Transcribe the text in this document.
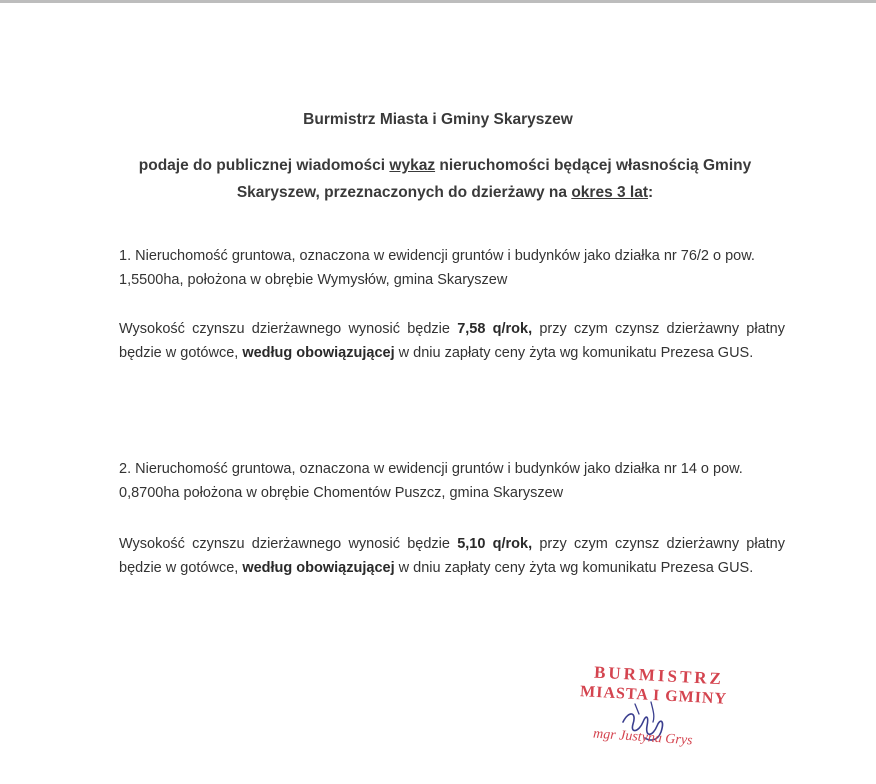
Burmistrz Miasta i Gminy Skaryszew
podaje do publicznej wiadomości wykaz nieruchomości będącej własnością Gminy Skaryszew, przeznaczonych do dzierżawy na okres 3 lat:
1. Nieruchomość gruntowa, oznaczona w ewidencji gruntów i budynków jako działka nr 76/2 o pow. 1,5500ha, położona w obrębie Wymysłów, gmina Skaryszew
Wysokość czynszu dzierżawnego wynosić będzie 7,58 q/rok, przy czym czynsz dzierżawny płatny będzie w gotówce, według obowiązującej w dniu zapłaty ceny żyta wg komunikatu Prezesa GUS.
2. Nieruchomość gruntowa, oznaczona w ewidencji gruntów i budynków jako działka nr 14 o pow. 0,8700ha położona w obrębie Chomentów Puszcz, gmina Skaryszew
Wysokość czynszu dzierżawnego wynosić będzie 5,10 q/rok, przy czym czynsz dzierżawny płatny będzie w gotówce, według obowiązującej w dniu zapłaty ceny żyta wg komunikatu Prezesa GUS.
BURMISTRZ
MIASTA I GMINY
mgr Justyna Grys
